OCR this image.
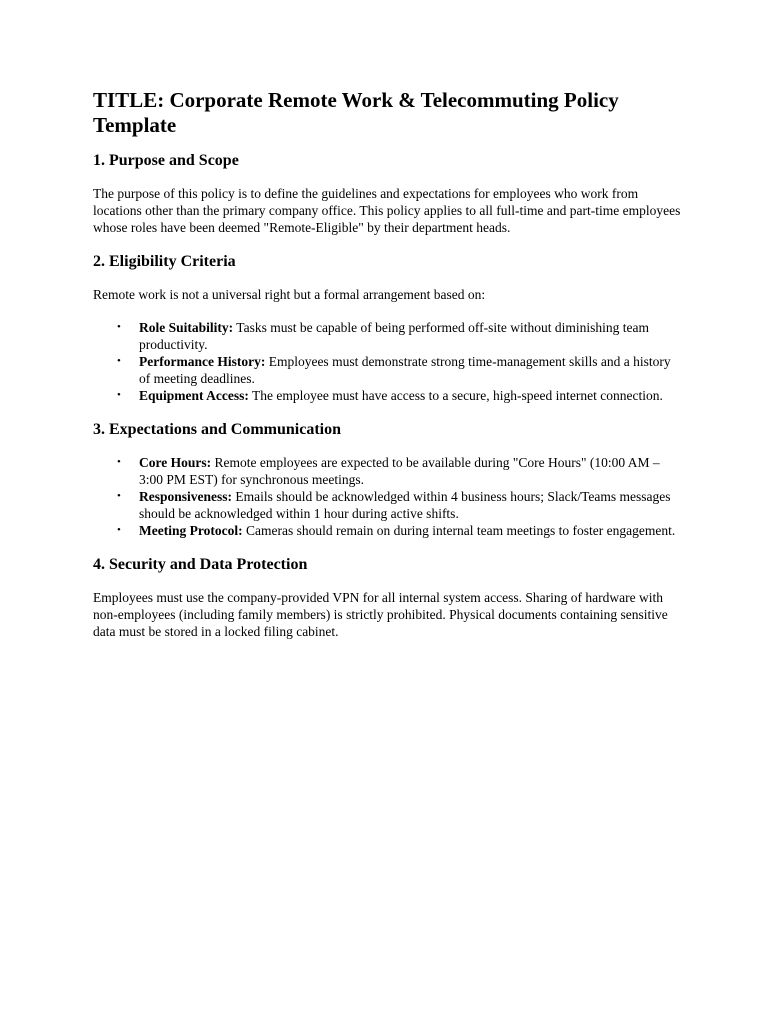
TITLE: Corporate Remote Work & Telecommuting Policy Template
1. Purpose and Scope

The purpose of this policy is to define the guidelines and expectations for employees who work from locations other than the primary company office. This policy applies to all full-time and part-time employees whose roles have been deemed "Remote-Eligible" by their department heads.

2. Eligibility Criteria

Remote work is not a universal right but a formal arrangement based on:

• Role Suitability: Tasks must be capable of being performed off-site without diminishing team productivity.
• Performance History: Employees must demonstrate strong time-management skills and a history of meeting deadlines.
• Equipment Access: The employee must have access to a secure, high-speed internet connection.
3. Expectations and Communication
• Core Hours: Remote employees are expected to be available during "Core Hours" (10:00 AM – 3:00 PM EST) for synchronous meetings.
• Responsiveness: Emails should be acknowledged within 4 business hours; Slack/Teams messages should be acknowledged within 1 hour during active shifts.
• Meeting Protocol: Cameras should remain on during internal team meetings to foster engagement.
4. Security and Data Protection

Employees must use the company-provided VPN for all internal system access. Sharing of hardware with non-employees (including family members) is strictly prohibited. Physical documents containing sensitive data must be stored in a locked filing cabinet.
